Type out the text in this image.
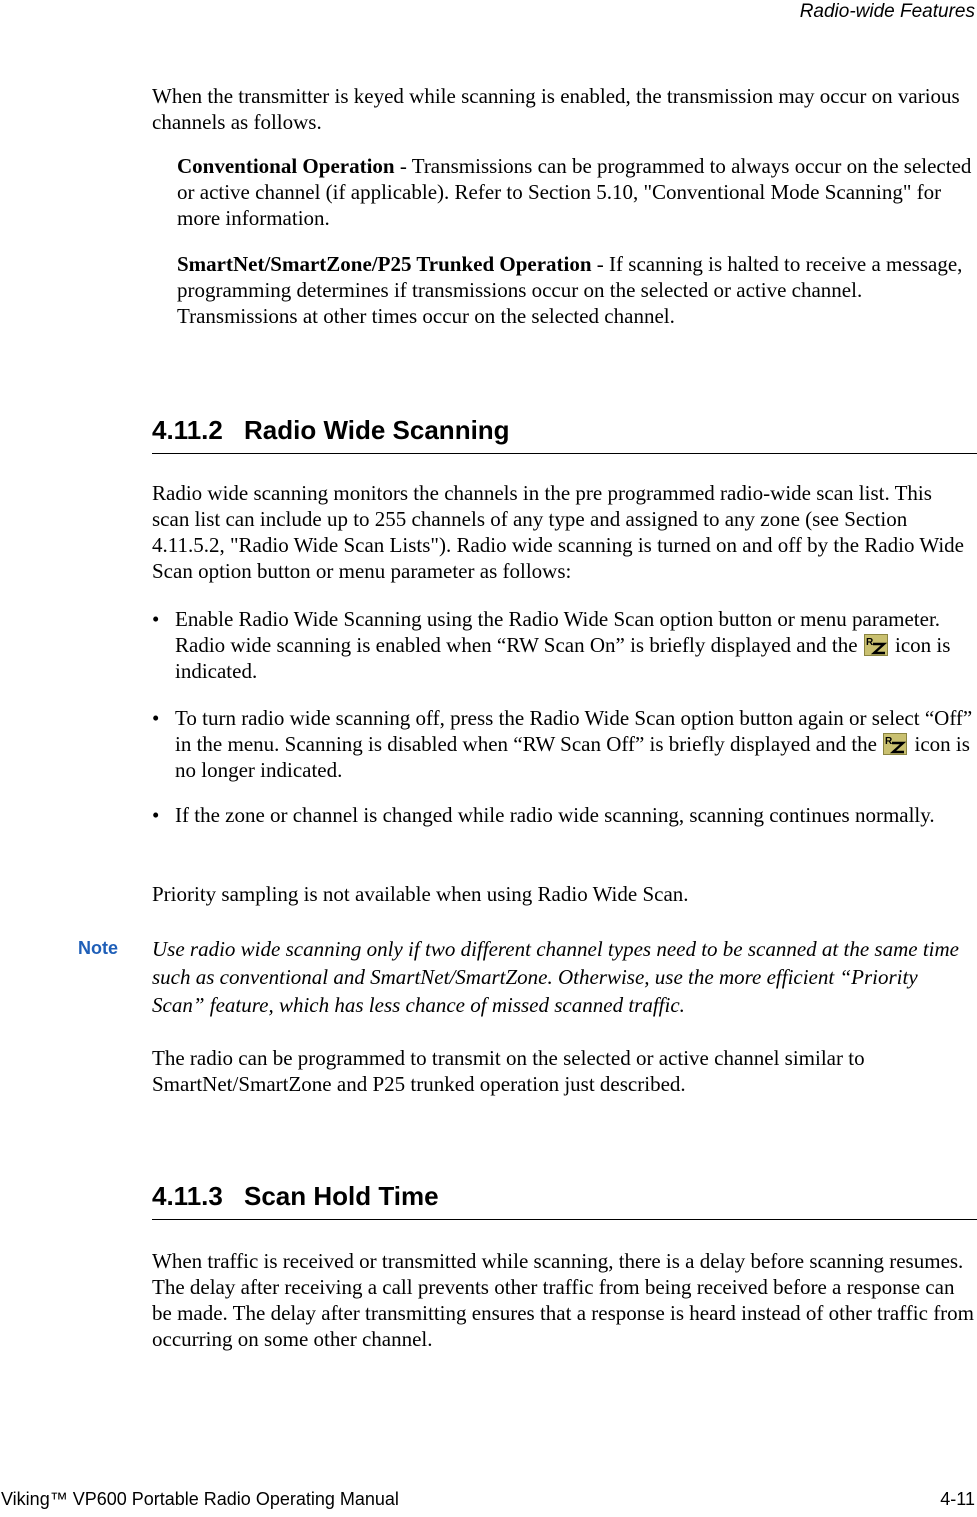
Radio-wide Features
When the transmitter is keyed while scanning is enabled, the transmission may occur on various channels as follows.
Conventional Operation - Transmissions can be programmed to always occur on the selected or active channel (if applicable). Refer to Section 5.10, "Conventional Mode Scanning" for more information.
SmartNet/SmartZone/P25 Trunked Operation - If scanning is halted to receive a message, programming determines if transmissions occur on the selected or active channel. Transmissions at other times occur on the selected channel.
4.11.2 Radio Wide Scanning
Radio wide scanning monitors the channels in the pre programmed radio-wide scan list. This scan list can include up to 255 channels of any type and assigned to any zone (see Section 4.11.5.2, "Radio Wide Scan Lists"). Radio wide scanning is turned on and off by the Radio Wide Scan option button or menu parameter as follows:
• Enable Radio Wide Scanning using the Radio Wide Scan option button or menu parameter. Radio wide scanning is enabled when “RW Scan On” is briefly displayed and the R icon is indicated.
• To turn radio wide scanning off, press the Radio Wide Scan option button again or select “Off” in the menu. Scanning is disabled when “RW Scan Off” is briefly displayed and the R icon is no longer indicated.
• If the zone or channel is changed while radio wide scanning, scanning continues normally.
Priority sampling is not available when using Radio Wide Scan.
Note Use radio wide scanning only if two different channel types need to be scanned at the same time such as conventional and SmartNet/SmartZone. Otherwise, use the more efficient “Priority Scan” feature, which has less chance of missed scanned traffic.
The radio can be programmed to transmit on the selected or active channel similar to SmartNet/SmartZone and P25 trunked operation just described.
4.11.3 Scan Hold Time
When traffic is received or transmitted while scanning, there is a delay before scanning resumes. The delay after receiving a call prevents other traffic from being received before a response can be made. The delay after transmitting ensures that a response is heard instead of other traffic from occurring on some other channel.
Viking™ VP600 Portable Radio Operating Manual	4-11
